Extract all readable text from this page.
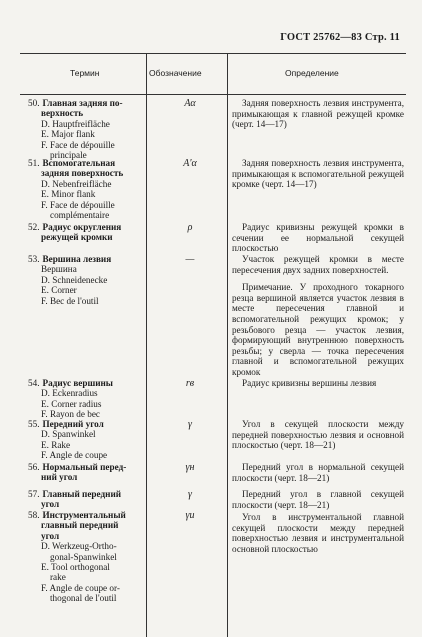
ГОСТ 25762—83 Стр. 11
Термин	Обозначение	Определение
50. Главная задняя по-
верхность
D. Hauptfreifläche
E. Major flank
F. Face de dépouille
principale
Aα	Задняя поверхность лезвия инструмента, примыкающая к главной режущей кромке (черт. 14—17)

51. Вспомогательная
задняя поверхность
D. Nebenfreifläche
E. Minor flank
F. Face de dépouille
complémentaire
A'α	Задняя поверхность лезвия инструмента, примыкающая к вспомогательной режущей кромке (черт. 14—17)

52. Радиус округления
режущей кромки
ρ	Радиус кривизны режущей кромки в сечении ее нормальной секущей плоскостью

53. Вершина лезвия
Вершина
D. Schneidenecke
E. Corner
F. Bec de l'outil
—	Участок режущей кромки в месте пересечения двух задних поверхностей.

Примечание. У проходного токарного резца вершиной является участок лезвия в месте пересечения главной и вспомогательной режущих кромок; у резьбового резца — участок лезвия, формирующий внутреннюю поверхность резьбы; у сверла — точка пересечения главной и вспомогательной режущих кромок

54. Радиус вершины
D. Eckenradius
E. Corner radius
F. Rayon de bec
rв	Радиус кривизны вершины лезвия

55. Передний угол
D. Spanwinkel
E. Rake
F. Angle de coupe
γ	Угол в секущей плоскости между передней поверхностью лезвия и основной плоскостью (черт. 18—21)

56. Нормальный перед-
ний угол
γн	Передний угол в нормальной секущей плоскости (черт. 18—21)

57. Главный передний
угол
γ	Передний угол в главной секущей плоскости (черт. 18—21)

58. Инструментальный
главный передний
угол
D. Werkzeug-Ortho-
gonal-Spanwinkel
E. Tool orthogonal
rake
F. Angle de coupe or-
thogonal de l'outil
γи	Угол в инструментальной главной секущей плоскости между передней поверхностью лезвия и инструментальной основной плоскостью
